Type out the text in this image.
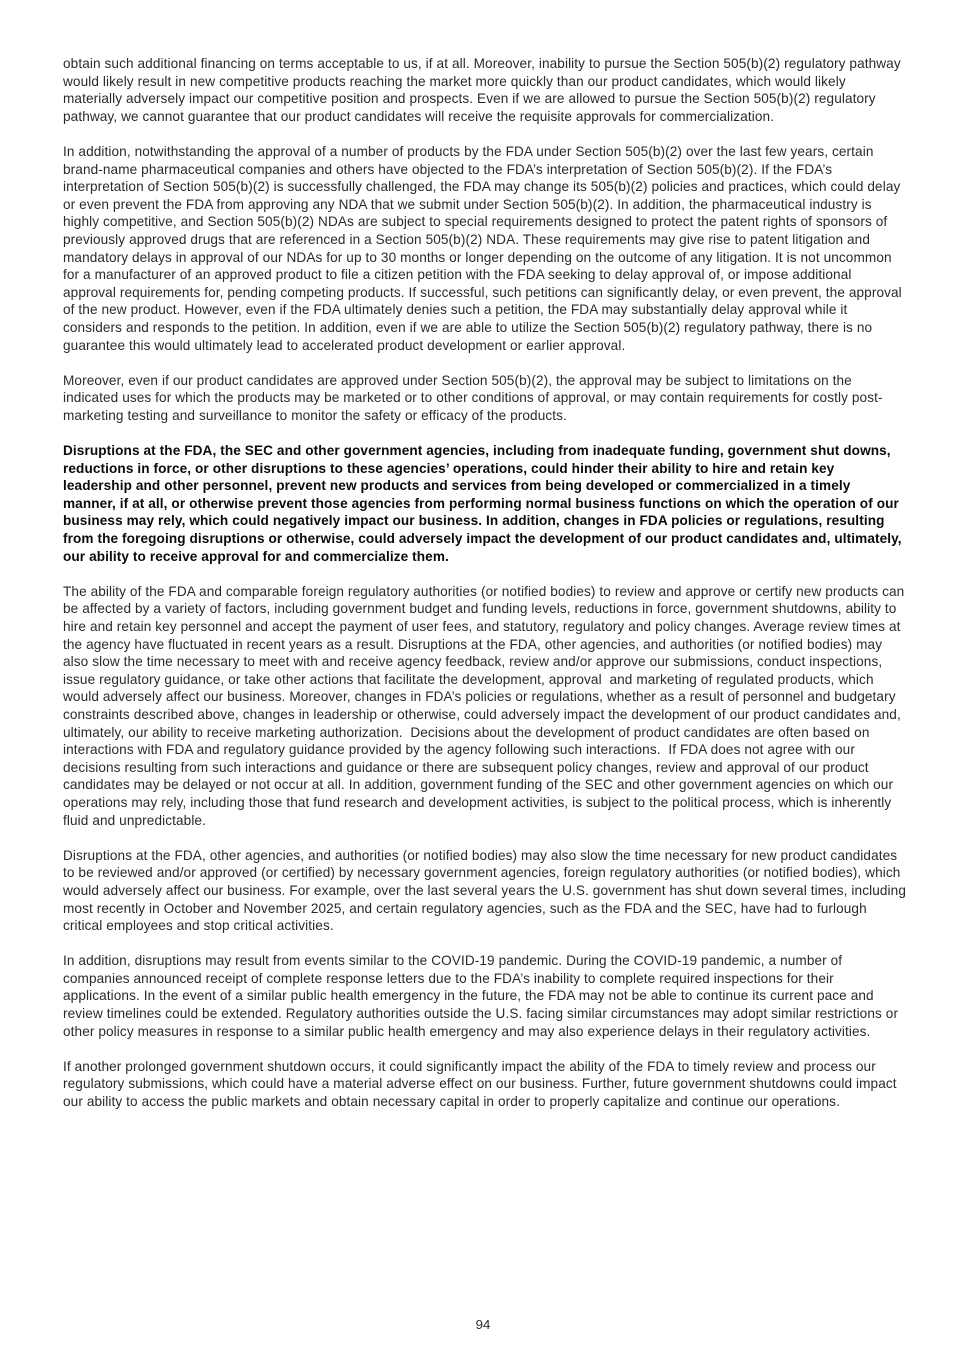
obtain such additional financing on terms acceptable to us, if at all. Moreover, inability to pursue the Section 505(b)(2) regulatory pathway would likely result in new competitive products reaching the market more quickly than our product candidates, which would likely materially adversely impact our competitive position and prospects. Even if we are allowed to pursue the Section 505(b)(2) regulatory pathway, we cannot guarantee that our product candidates will receive the requisite approvals for commercialization.

In addition, notwithstanding the approval of a number of products by the FDA under Section 505(b)(2) over the last few years, certain brand-name pharmaceutical companies and others have objected to the FDA’s interpretation of Section 505(b)(2). If the FDA’s interpretation of Section 505(b)(2) is successfully challenged, the FDA may change its 505(b)(2) policies and practices, which could delay or even prevent the FDA from approving any NDA that we submit under Section 505(b)(2). In addition, the pharmaceutical industry is highly competitive, and Section 505(b)(2) NDAs are subject to special requirements designed to protect the patent rights of sponsors of previously approved drugs that are referenced in a Section 505(b)(2) NDA. These requirements may give rise to patent litigation and mandatory delays in approval of our NDAs for up to 30 months or longer depending on the outcome of any litigation. It is not uncommon for a manufacturer of an approved product to file a citizen petition with the FDA seeking to delay approval of, or impose additional approval requirements for, pending competing products. If successful, such petitions can significantly delay, or even prevent, the approval of the new product. However, even if the FDA ultimately denies such a petition, the FDA may substantially delay approval while it considers and responds to the petition. In addition, even if we are able to utilize the Section 505(b)(2) regulatory pathway, there is no guarantee this would ultimately lead to accelerated product development or earlier approval.

Moreover, even if our product candidates are approved under Section 505(b)(2), the approval may be subject to limitations on the indicated uses for which the products may be marketed or to other conditions of approval, or may contain requirements for costly post-marketing testing and surveillance to monitor the safety or efficacy of the products.

Disruptions at the FDA, the SEC and other government agencies, including from inadequate funding, government shut downs, reductions in force, or other disruptions to these agencies’ operations, could hinder their ability to hire and retain key leadership and other personnel, prevent new products and services from being developed or commercialized in a timely manner, if at all, or otherwise prevent those agencies from performing normal business functions on which the operation of our business may rely, which could negatively impact our business. In addition, changes in FDA policies or regulations, resulting from the foregoing disruptions or otherwise, could adversely impact the development of our product candidates and, ultimately, our ability to receive approval for and commercialize them.

The ability of the FDA and comparable foreign regulatory authorities (or notified bodies) to review and approve or certify new products can be affected by a variety of factors, including government budget and funding levels, reductions in force, government shutdowns, ability to hire and retain key personnel and accept the payment of user fees, and statutory, regulatory and policy changes. Average review times at the agency have fluctuated in recent years as a result. Disruptions at the FDA, other agencies, and authorities (or notified bodies) may also slow the time necessary to meet with and receive agency feedback, review and/or approve our submissions, conduct inspections, issue regulatory guidance, or take other actions that facilitate the development, approval  and marketing of regulated products, which would adversely affect our business. Moreover, changes in FDA’s policies or regulations, whether as a result of personnel and budgetary constraints described above, changes in leadership or otherwise, could adversely impact the development of our product candidates and, ultimately, our ability to receive marketing authorization.  Decisions about the development of product candidates are often based on interactions with FDA and regulatory guidance provided by the agency following such interactions.  If FDA does not agree with our decisions resulting from such interactions and guidance or there are subsequent policy changes, review and approval of our product candidates may be delayed or not occur at all. In addition, government funding of the SEC and other government agencies on which our operations may rely, including those that fund research and development activities, is subject to the political process, which is inherently fluid and unpredictable.

Disruptions at the FDA, other agencies, and authorities (or notified bodies) may also slow the time necessary for new product candidates to be reviewed and/or approved (or certified) by necessary government agencies, foreign regulatory authorities (or notified bodies), which would adversely affect our business. For example, over the last several years the U.S. government has shut down several times, including most recently in October and November 2025, and certain regulatory agencies, such as the FDA and the SEC, have had to furlough critical employees and stop critical activities.

In addition, disruptions may result from events similar to the COVID-19 pandemic. During the COVID-19 pandemic, a number of companies announced receipt of complete response letters due to the FDA’s inability to complete required inspections for their applications. In the event of a similar public health emergency in the future, the FDA may not be able to continue its current pace and review timelines could be extended. Regulatory authorities outside the U.S. facing similar circumstances may adopt similar restrictions or other policy measures in response to a similar public health emergency and may also experience delays in their regulatory activities.

If another prolonged government shutdown occurs, it could significantly impact the ability of the FDA to timely review and process our regulatory submissions, which could have a material adverse effect on our business. Further, future government shutdowns could impact our ability to access the public markets and obtain necessary capital in order to properly capitalize and continue our operations.

94
